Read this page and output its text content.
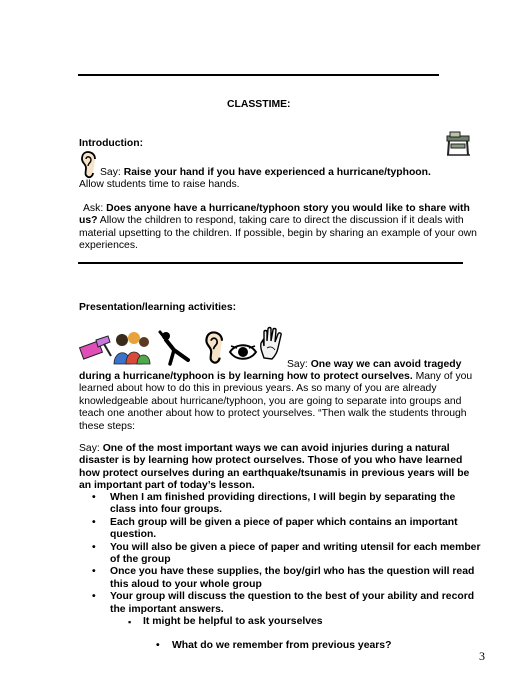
CLASSTIME:
Introduction:
Say: Raise your hand if you have experienced a hurricane/typhoon.
Allow students time to raise hands.
Ask: Does anyone have a hurricane/typhoon story you would like to share with
us? Allow the children to respond, taking care to direct the discussion if it deals with
material upsetting to the children. If possible, begin by sharing an example of your own
experiences.
Presentation/learning activities:
Say: One way we can avoid tragedy
during a hurricane/typhoon is by learning how to protect ourselves. Many of you
learned about how to do this in previous years. As so many of you are already
knowledgeable about hurricane/typhoon, you are going to separate into groups and
teach one another about how to protect yourselves. “Then walk the students through
these steps:
Say: One of the most important ways we can avoid injuries during a natural
disaster is by learning how protect ourselves. Those of you who have learned
how protect ourselves during an earthquake/tsunamis in previous years will be
an important part of today’s lesson.
• When I am finished providing directions, I will begin by separating the
class into four groups.
• Each group will be given a piece of paper which contains an important
question.
• You will also be given a piece of paper and writing utensil for each member
of the group
• Once you have these supplies, the boy/girl who has the question will read
this aloud to your whole group
• Your group will discuss the question to the best of your ability and record
the important answers.
▪ It might be helpful to ask yourselves
• What do we remember from previous years?
3
